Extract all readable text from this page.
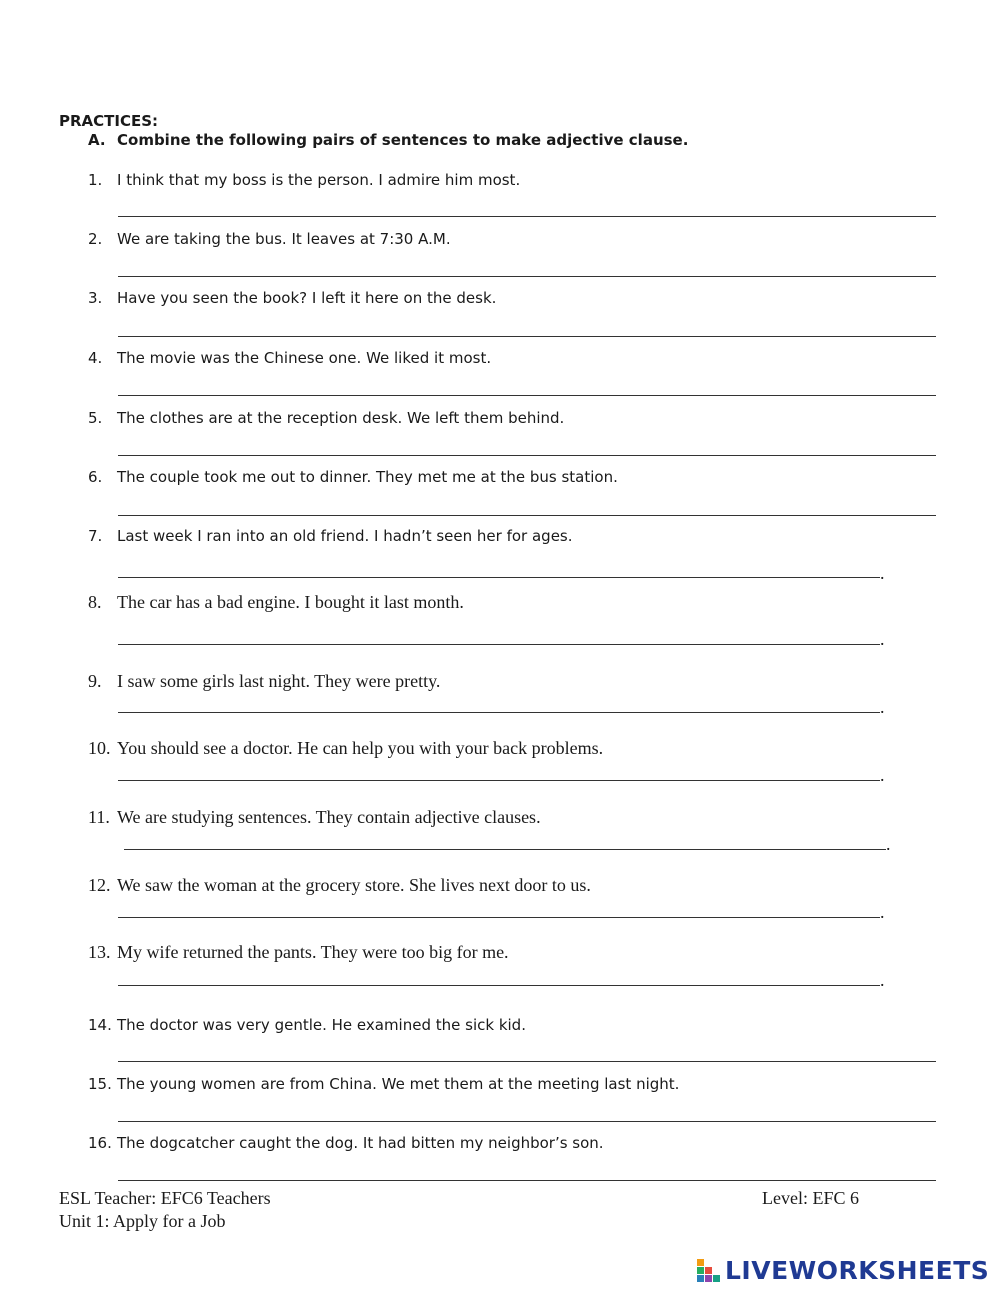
PRACTICES:
A. Combine the following pairs of sentences to make adjective clause.
1. I think that my boss is the person. I admire him most.
2. We are taking the bus. It leaves at 7:30 A.M.
3. Have you seen the book? I left it here on the desk.
4. The movie was the Chinese one. We liked it most.
5. The clothes are at the reception desk. We left them behind.
6. The couple took me out to dinner. They met me at the bus station.
7. Last week I ran into an old friend. I hadn’t seen her for ages.
.
8. The car has a bad engine. I bought it last month.
.
9. I saw some girls last night. They were pretty.
.
10. You should see a doctor. He can help you with your back problems.
.
11. We are studying sentences. They contain adjective clauses.
.
12. We saw the woman at the grocery store. She lives next door to us.
.
13. My wife returned the pants. They were too big for me.
.
14. The doctor was very gentle. He examined the sick kid.
15. The young women are from China. We met them at the meeting last night.
16. The dogcatcher caught the dog. It had bitten my neighbor’s son.
ESL Teacher: EFC6 Teachers	Level: EFC 6
Unit 1: Apply for a Job
LIVEWORKSHEETS
